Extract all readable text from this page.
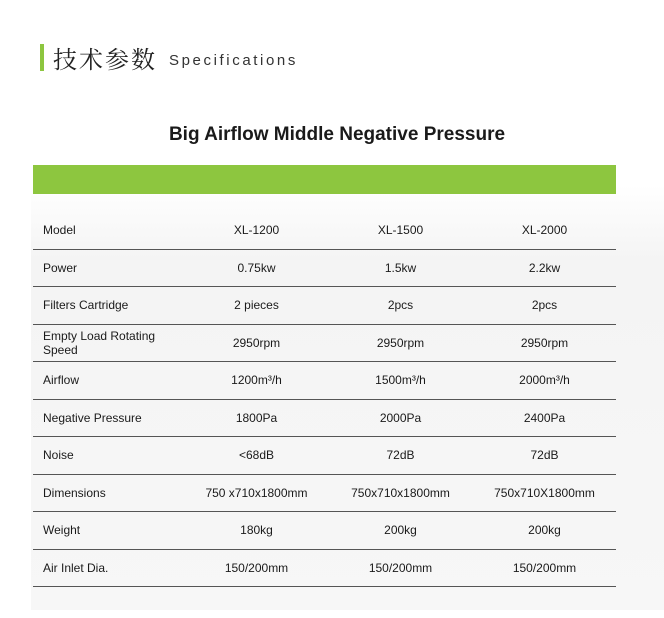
技术参数 Specifications
Big Airflow Middle Negative Pressure
Model	XL-1200	XL-1500	XL-2000
Power	0.75kw	1.5kw	2.2kw
Filters Cartridge	2 pieces	2pcs	2pcs
Empty Load Rotating Speed	2950rpm	2950rpm	2950rpm
Airflow	1200m³/h	1500m³/h	2000m³/h
Negative Pressure	1800Pa	2000Pa	2400Pa
Noise	<68dB	72dB	72dB
Dimensions	750 x710x1800mm	750x710x1800mm	750x710X1800mm
Weight	180kg	200kg	200kg
Air Inlet Dia.	150/200mm	150/200mm	150/200mm
